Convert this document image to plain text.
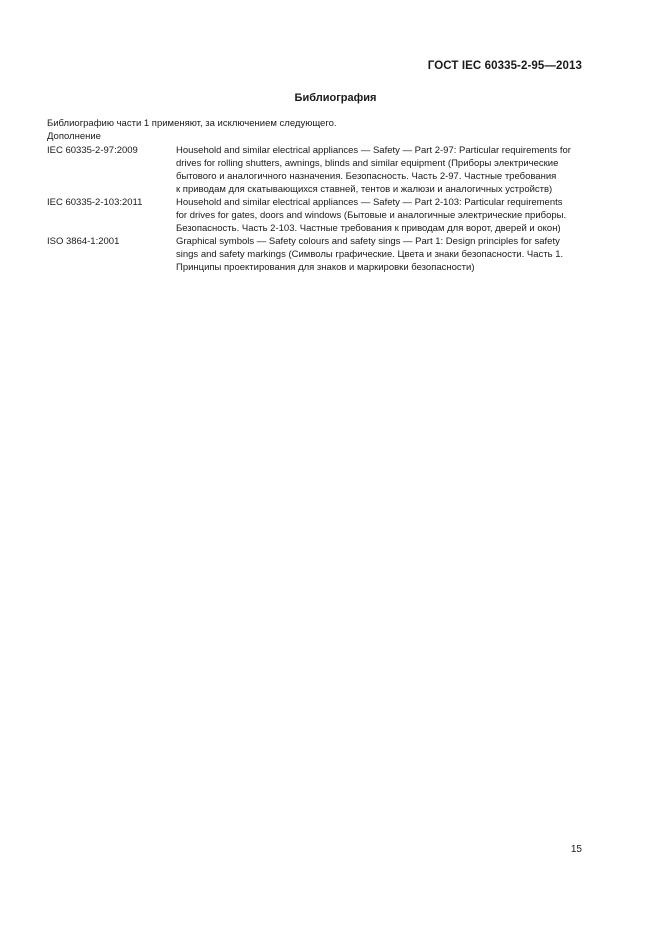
ГОСТ IEC 60335-2-95—2013
Библиография
Библиографию части 1 применяют, за исключением следующего.
Дополнение
IEC 60335-2-97:2009	Household and similar electrical appliances — Safety — Part 2-97: Particular requirements for
drives for rolling shutters, awnings, blinds and similar equipment (Приборы электрические
бытового и аналогичного назначения. Безопасность. Часть 2-97. Частные требования
к приводам для скатывающихся ставней, тентов и жалюзи и аналогичных устройств)
IEC 60335-2-103:2011	Household and similar electrical appliances — Safety — Part 2-103: Particular requirements
for drives for gates, doors and windows (Бытовые и аналогичные электрические приборы.
Безопасность. Часть 2-103. Частные требования к приводам для ворот, дверей и окон)
ISO 3864-1:2001	Graphical symbols — Safety colours and safety sings — Part 1: Design principles for safety
sings and safety markings (Символы графические. Цвета и знаки безопасности. Часть 1.
Принципы проектирования для знаков и маркировки безопасности)
15
